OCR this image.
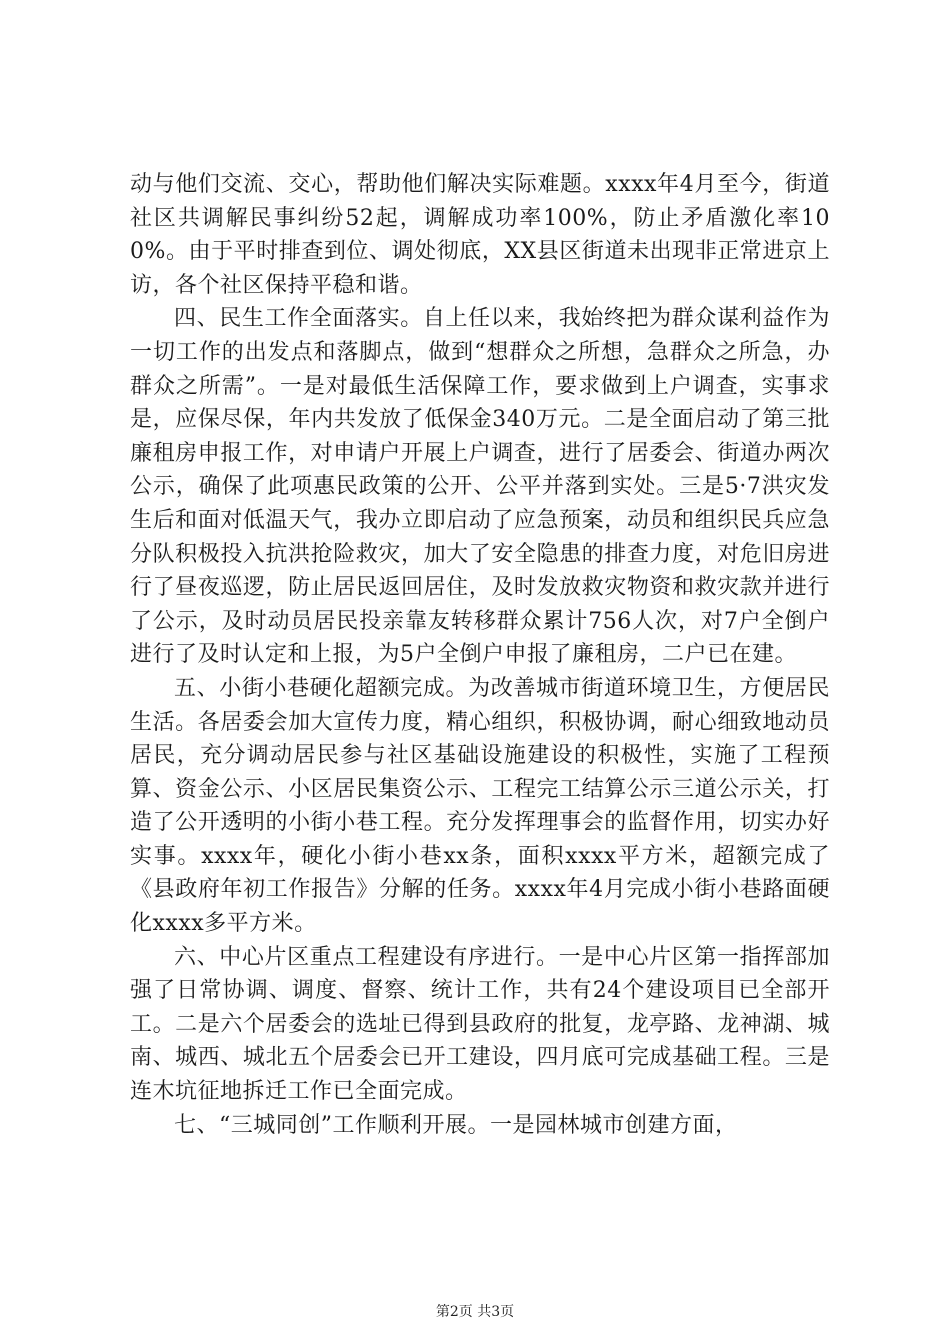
动与他们交流、交心，帮助他们解决实际难题。xxxx年4月至今，街道社区共调解民事纠纷52起，调解成功率100%，防止矛盾激化率100%。由于平时排查到位、调处彻底，XX县区街道未出现非正常进京上访，各个社区保持平稳和谐。

四、民生工作全面落实。自上任以来，我始终把为群众谋利益作为一切工作的出发点和落脚点，做到“想群众之所想，急群众之所急，办群众之所需”。一是对最低生活保障工作，要求做到上户调查，实事求是，应保尽保，年内共发放了低保金340万元。二是全面启动了第三批廉租房申报工作，对申请户开展上户调查，进行了居委会、街道办两次公示，确保了此项惠民政策的公开、公平并落到实处。三是5·7洪灾发生后和面对低温天气，我办立即启动了应急预案，动员和组织民兵应急分队积极投入抗洪抢险救灾，加大了安全隐患的排查力度，对危旧房进行了昼夜巡逻，防止居民返回居住，及时发放救灾物资和救灾款并进行了公示，及时动员居民投亲靠友转移群众累计756人次，对7户全倒户进行了及时认定和上报，为5户全倒户申报了廉租房，二户已在建。

五、小街小巷硬化超额完成。为改善城市街道环境卫生，方便居民生活。各居委会加大宣传力度，精心组织，积极协调，耐心细致地动员居民，充分调动居民参与社区基础设施建设的积极性，实施了工程预算、资金公示、小区居民集资公示、工程完工结算公示三道公示关，打造了公开透明的小街小巷工程。充分发挥理事会的监督作用，切实办好实事。xxxx年，硬化小街小巷xx条，面积xxxx平方米，超额完成了《县政府年初工作报告》分解的任务。xxxx年4月完成小街小巷路面硬化xxxx多平方米。

六、中心片区重点工程建设有序进行。一是中心片区第一指挥部加强了日常协调、调度、督察、统计工作，共有24个建设项目已全部开工。二是六个居委会的选址已得到县政府的批复，龙亭路、龙神湖、城南、城西、城北五个居委会已开工建设，四月底可完成基础工程。三是连木坑征地拆迁工作已全面完成。

七、“三城同创”工作顺利开展。一是园林城市创建方面，

第2页 共3页
